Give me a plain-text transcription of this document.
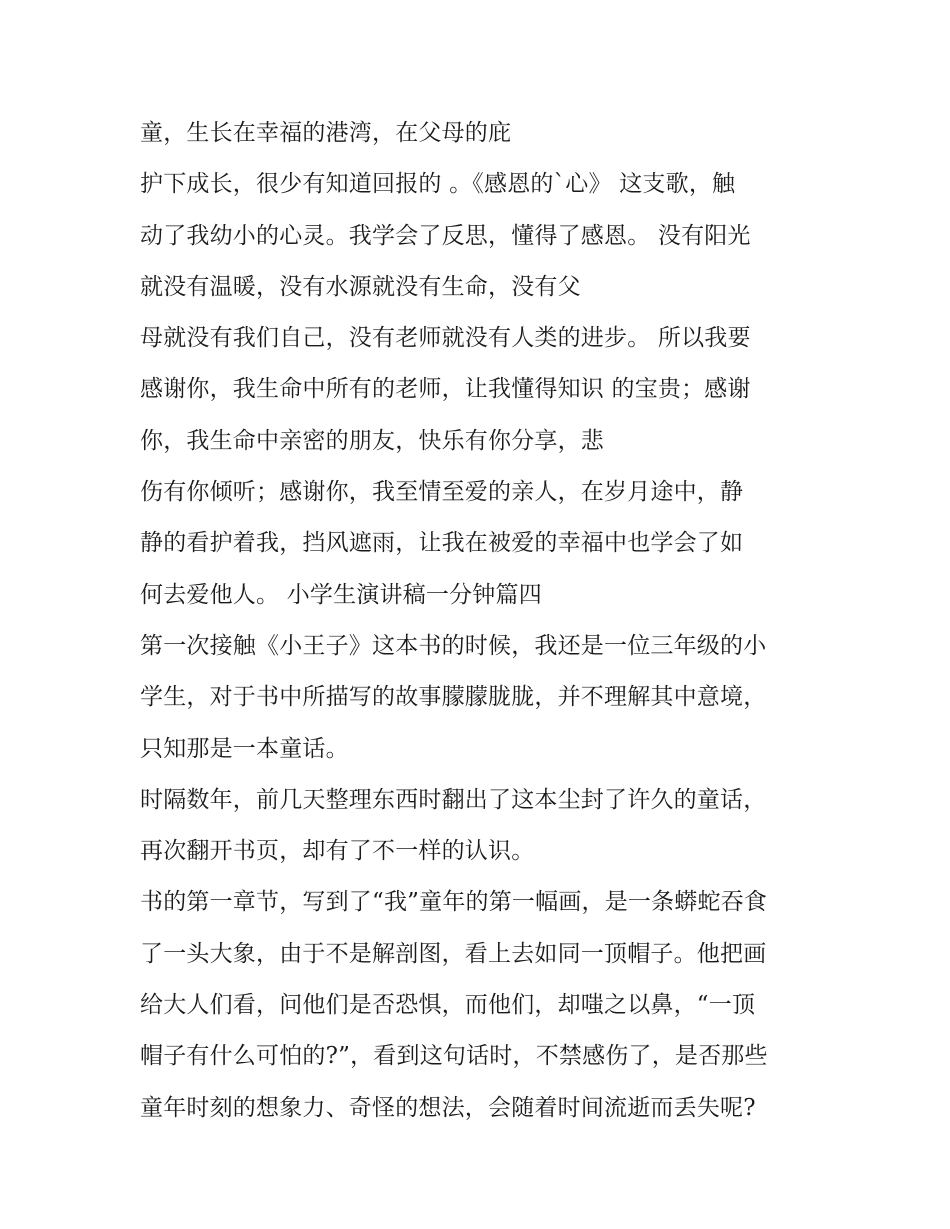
童，生长在幸福的港湾，在父母的庇
护下成长，很少有知道回报的 。《感恩的`心》 这支歌，触
动了我幼小的心灵。我学会了反思，懂得了感恩。 没有阳光
就没有温暖，没有水源就没有生命，没有父
母就没有我们自己，没有老师就没有人类的进步。 所以我要
感谢你，我生命中所有的老师，让我懂得知识 的宝贵；感谢
你，我生命中亲密的朋友，快乐有你分享，悲
伤有你倾听；感谢你，我至情至爱的亲人，在岁月途中，静
静的看护着我，挡风遮雨，让我在被爱的幸福中也学会了如
何去爱他人。 小学生演讲稿一分钟篇四
第一次接触《小王子》这本书的时候，我还是一位三年级的小
学生，对于书中所描写的故事朦朦胧胧，并不理解其中意境，
只知那是一本童话。
时隔数年，前几天整理东西时翻出了这本尘封了许久的童话，
再次翻开书页，却有了不一样的认识。
书的第一章节，写到了“我”童年的第一幅画，是一条蟒蛇吞食
了一头大象，由于不是解剖图，看上去如同一顶帽子。他把画
给大人们看，问他们是否恐惧，而他们，却嗤之以鼻，“一顶
帽子有什么可怕的?”，看到这句话时，不禁感伤了，是否那些
童年时刻的想象力、奇怪的想法，会随着时间流逝而丢失呢?
